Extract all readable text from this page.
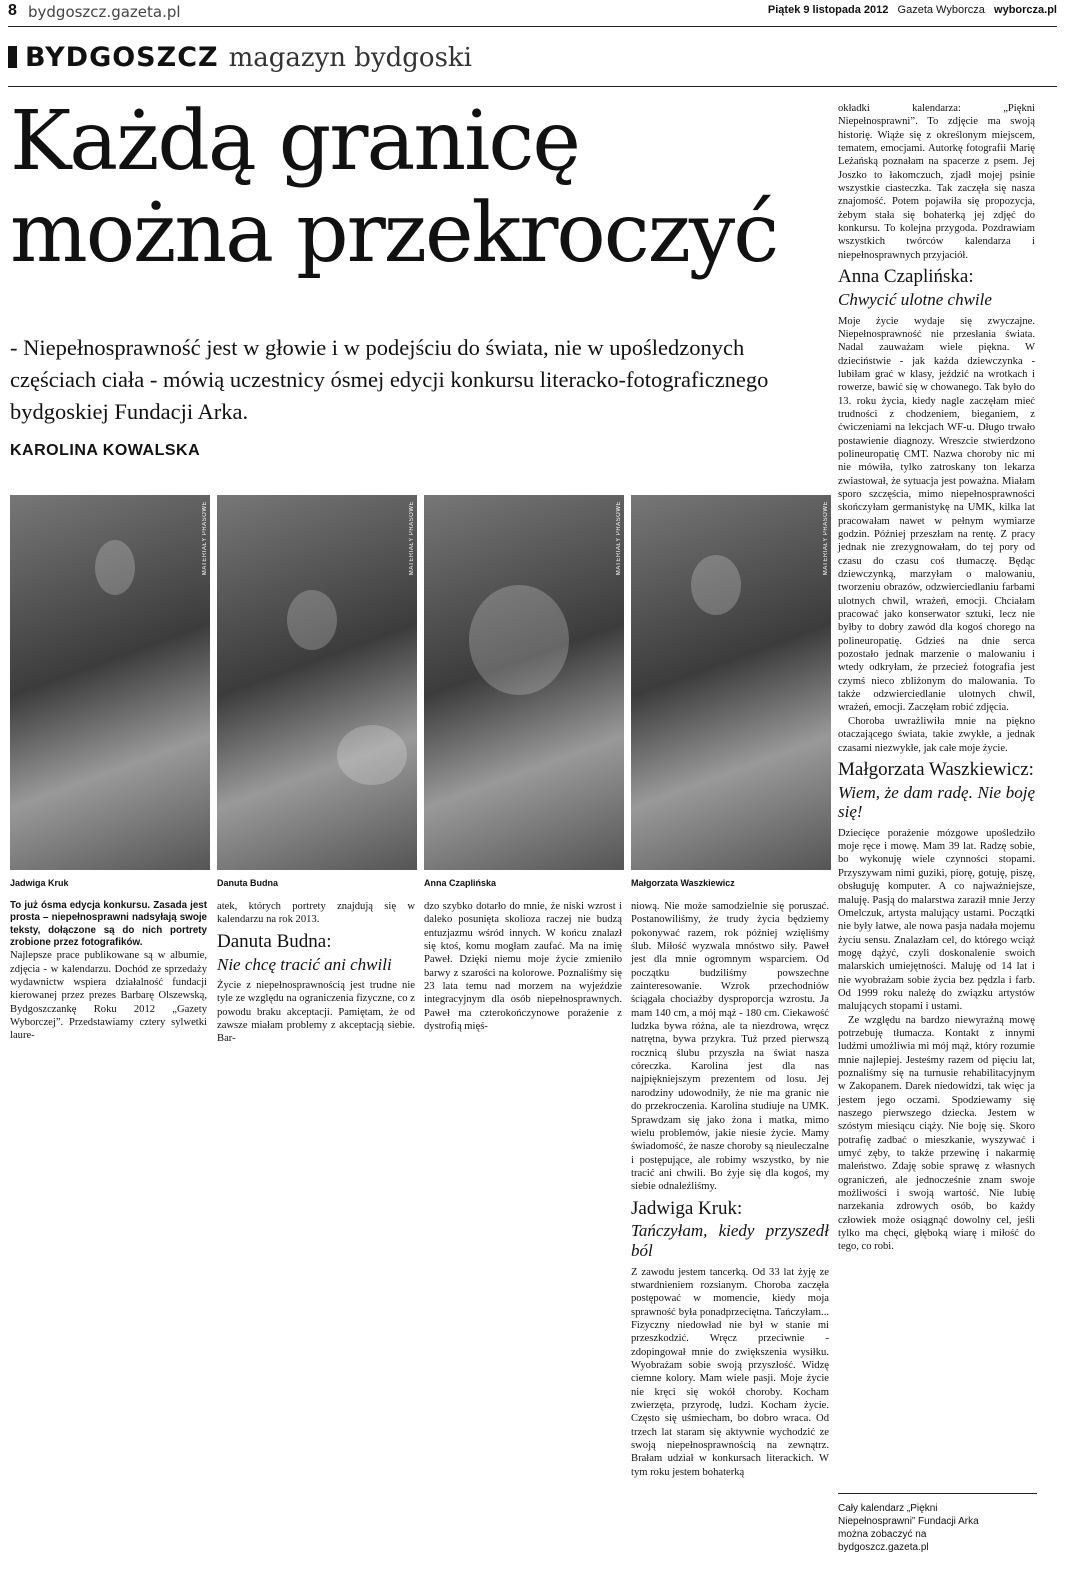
8 bydgoszcz.gazeta.pl	Piątek 9 listopada 2012 Gazeta Wyborcza wyborcza.pl
BYDGOSZCZ magazyn bydgoski
Każdą granicę
można przekroczyć
- Niepełnosprawność jest w głowie i w podejściu do świata, nie w upośledzonych częściach ciała - mówią uczestnicy ósmej edycji konkursu literacko-fotograficznego bydgoskiej Fundacji Arka.
KAROLINA KOWALSKA
MATERIAŁY PRASOWE	MATERIAŁY PRASOWE	MATERIAŁY PRASOWE	MATERIAŁY PRASOWE
Jadwiga Kruk	Danuta Budna	Anna Czaplińska	Małgorzata Waszkiewicz

To już ósma edycja konkursu. Zasada jest prosta – niepełnosprawni nadsyłają swoje teksty, dołączone są do nich portrety zrobione przez fotografików.

Najlepsze prace publikowane są w albumie, zdjęcia - w kalendarzu. Dochód ze sprzedaży wydawnictw wspiera działalność fundacji kierowanej przez prezes Barbarę Olszewską, Bydgoszczankę Roku 2012 „Gazety Wyborczej”. Przedstawiamy cztery sylwetki laure-

atek, których portrety znajdują się w kalendarzu na rok 2013.

Danuta Budna:
Nie chcę tracić ani chwili

Życie z niepełnosprawnością jest trudne nie tyle ze względu na ograniczenia fizyczne, co z powodu braku akceptacji. Pamiętam, że od zawsze miałam problemy z akceptacją siebie. Bar-

dzo szybko dotarło do mnie, że niski wzrost i daleko posunięta skolioza raczej nie budzą entuzjazmu wśród innych. W końcu znalazł się ktoś, komu mogłam zaufać. Ma na imię Paweł. Dzięki niemu moje życie zmieniło barwy z szarości na kolorowe. Poznaliśmy się 23 lata temu nad morzem na wyjeździe integracyjnym dla osób niepełnosprawnych. Paweł ma czterokończynowe porażenie z dystrofią mięś-

niową. Nie może samodzielnie się poruszać. Postanowiliśmy, że trudy życia będziemy pokonywać razem, rok później wzięliśmy ślub. Miłość wyzwala mnóstwo siły. Paweł jest dla mnie ogromnym wsparciem. Od początku budziliśmy powszechne zainteresowanie. Wzrok przechodniów ściągała chociażby dysproporcja wzrostu. Ja mam 140 cm, a mój mąż - 180 cm. Ciekawość ludzka bywa różna, ale ta niezdrowa, wręcz natrętna, bywa przykra. Tuż przed pierwszą rocznicą ślubu przyszła na świat nasza córeczka. Karolina jest dla nas najpiękniejszym prezentem od losu. Jej narodziny udowodniły, że nie ma granic nie do przekroczenia. Karolina studiuje na UMK. Sprawdzam się jako żona i matka, mimo wielu problemów, jakie niesie życie. Mamy świadomość, że nasze choroby są nieuleczalne i postępujące, ale robimy wszystko, by nie tracić ani chwili. Bo żyje się dla kogoś, my siebie odnaleźliśmy.

Jadwiga Kruk:
Tańczyłam, kiedy przyszedł ból

Z zawodu jestem tancerką. Od 33 lat żyję ze stwardnieniem rozsianym. Choroba zaczęła postępować w momencie, kiedy moja sprawność była ponadprzeciętna. Tańczyłam... Fizyczny niedowład nie był w stanie mi przeszkodzić. Wręcz przeciwnie - zdopingował mnie do zwiększenia wysiłku. Wyobrażam sobie swoją przyszłość. Widzę ciemne kolory. Mam wiele pasji. Moje życie nie kręci się wokół choroby. Kocham zwierzęta, przyrodę, ludzi. Kocham życie. Często się uśmiecham, bo dobro wraca. Od trzech lat staram się aktywnie wychodzić ze swoją niepełnosprawnością na zewnątrz. Brałam udział w konkursach literackich. W tym roku jestem bohaterką

okładki kalendarza: „Piękni Niepełnosprawni”. To zdjęcie ma swoją historię. Wiąże się z określonym miejscem, tematem, emocjami. Autorkę fotografii Marię Leżańską poznałam na spacerze z psem. Jej Joszko to łakomczuch, zjadł mojej psinie wszystkie ciasteczka. Tak zaczęła się nasza znajomość. Potem pojawiła się propozycja, żebym stała się bohaterką jej zdjęć do konkursu. To kolejna przygoda. Pozdrawiam wszystkich twórców kalendarza i niepełnosprawnych przyjaciół.

Anna Czaplińska:
Chwycić ulotne chwile

Moje życie wydaje się zwyczajne. Niepełnosprawność nie przesłania świata. Nadal zauważam wiele piękna. W dzieciństwie - jak każda dziewczynka - lubiłam grać w klasy, jeździć na wrotkach i rowerze, bawić się w chowanego. Tak było do 13. roku życia, kiedy nagle zaczęłam mieć trudności z chodzeniem, bieganiem, z ćwiczeniami na lekcjach WF-u. Długo trwało postawienie diagnozy. Wreszcie stwierdzono polineuropatię CMT. Nazwa choroby nic mi nie mówiła, tylko zatroskany ton lekarza zwiastował, że sytuacja jest poważna. Miałam sporo szczęścia, mimo niepełnosprawności skończyłam germanistykę na UMK, kilka lat pracowałam nawet w pełnym wymiarze godzin. Później przeszłam na rentę. Z pracy jednak nie zrezygnowałam, do tej pory od czasu do czasu coś tłumaczę. Będąc dziewczynką, marzyłam o malowaniu, tworzeniu obrazów, odzwierciedlaniu farbami ulotnych chwil, wrażeń, emocji. Chciałam pracować jako konserwator sztuki, lecz nie byłby to dobry zawód dla kogoś chorego na polineuropatię. Gdzieś na dnie serca pozostało jednak marzenie o malowaniu i wtedy odkryłam, że przecież fotografia jest czymś nieco zbliżonym do malowania. To także odzwierciedlanie ulotnych chwil, wrażeń, emocji. Zaczęłam robić zdjęcia.

Choroba uwrażliwiła mnie na piękno otaczającego świata, takie zwykłe, a jednak czasami niezwykłe, jak całe moje życie.

Małgorzata Waszkiewicz:
Wiem, że dam radę. Nie boję się!

Dziecięce porażenie mózgowe upośledziło moje ręce i mowę. Mam 39 lat. Radzę sobie, bo wykonuję wiele czynności stopami. Przyszywam nimi guziki, piorę, gotuję, piszę, obsługuję komputer. A co najważniejsze, maluję. Pasją do malarstwa zaraził mnie Jerzy Omelczuk, artysta malujący ustami. Początki nie były łatwe, ale nowa pasja nadała mojemu życiu sensu. Znalazłam cel, do którego wciąż mogę dążyć, czyli doskonalenie swoich malarskich umiejętności. Maluję od 14 lat i nie wyobrażam sobie życia bez pędzla i farb. Od 1999 roku należę do związku artystów malujących stopami i ustami.

Ze względu na bardzo niewyraźną mowę potrzebuję tłumacza. Kontakt z innymi ludźmi umożliwia mi mój mąż, który rozumie mnie najlepiej. Jesteśmy razem od pięciu lat, poznaliśmy się na turnusie rehabilitacyjnym w Zakopanem. Darek niedowidzi, tak więc ja jestem jego oczami. Spodziewamy się naszego pierwszego dziecka. Jestem w szóstym miesiącu ciąży. Nie boję się. Skoro potrafię zadbać o mieszkanie, wyszywać i umyć zęby, to także przewinę i nakarmię maleństwo. Zdaję sobie sprawę z własnych ograniczeń, ale jednocześnie znam swoje możliwości i swoją wartość. Nie lubię narzekania zdrowych osób, bo każdy człowiek może osiągnąć dowolny cel, jeśli tylko ma chęci, głęboką wiarę i miłość do tego, co robi.

Cały kalendarz „Piękni Niepełnosprawni” Fundacji Arka można zobaczyć na bydgoszcz.gazeta.pl
